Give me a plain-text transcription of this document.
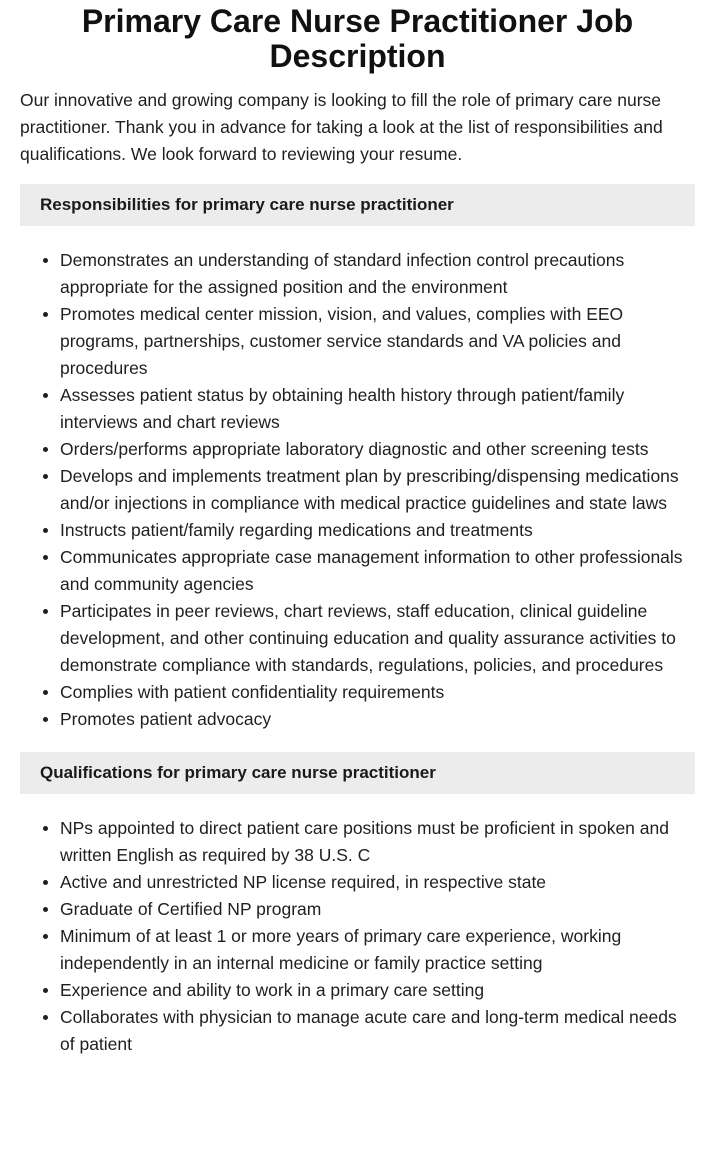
Primary Care Nurse Practitioner Job Description

Our innovative and growing company is looking to fill the role of primary care nurse practitioner. Thank you in advance for taking a look at the list of responsibilities and qualifications. We look forward to reviewing your resume.

Responsibilities for primary care nurse practitioner
Demonstrates an understanding of standard infection control precautions appropriate for the assigned position and the environment
Promotes medical center mission, vision, and values, complies with EEO programs, partnerships, customer service standards and VA policies and procedures
Assesses patient status by obtaining health history through patient/family interviews and chart reviews
Orders/performs appropriate laboratory diagnostic and other screening tests
Develops and implements treatment plan by prescribing/dispensing medications and/or injections in compliance with medical practice guidelines and state laws
Instructs patient/family regarding medications and treatments
Communicates appropriate case management information to other professionals and community agencies
Participates in peer reviews, chart reviews, staff education, clinical guideline development, and other continuing education and quality assurance activities to demonstrate compliance with standards, regulations, policies, and procedures
Complies with patient confidentiality requirements
Promotes patient advocacy
Qualifications for primary care nurse practitioner
NPs appointed to direct patient care positions must be proficient in spoken and written English as required by 38 U.S. C
Active and unrestricted NP license required, in respective state
Graduate of Certified NP program
Minimum of at least 1 or more years of primary care experience, working independently in an internal medicine or family practice setting
Experience and ability to work in a primary care setting
Collaborates with physician to manage acute care and long-term medical needs of patient
